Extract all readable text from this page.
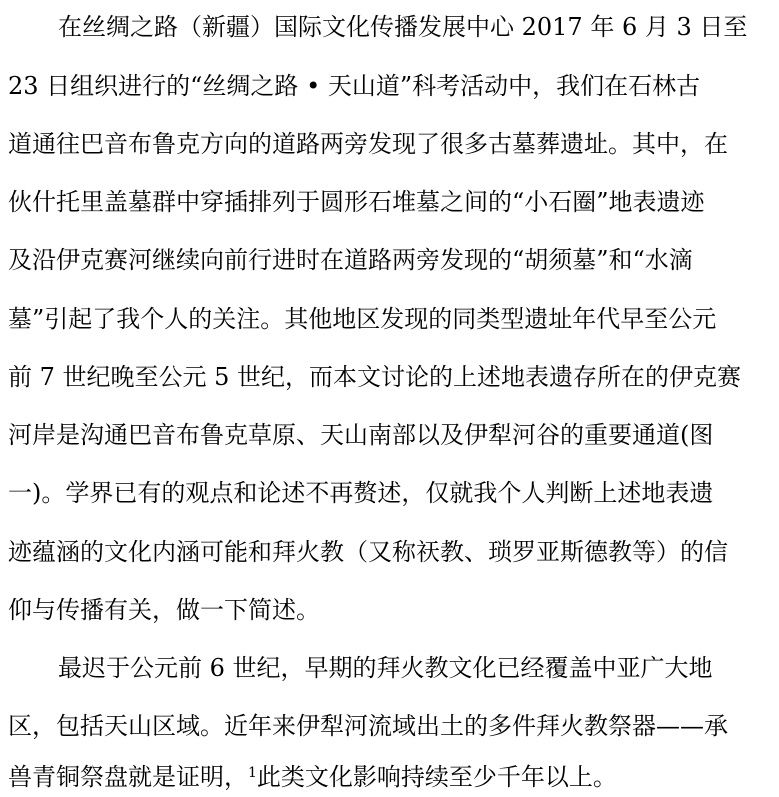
在丝绸之路（新疆）国际文化传播发展中心 2017 年 6 月 3 日至
23 日组织进行的“丝绸之路 • 天山道”科考活动中，我们在石林古
道通往巴音布鲁克方向的道路两旁发现了很多古墓葬遗址。其中，在
伙什托里盖墓群中穿插排列于圆形石堆墓之间的“小石圈”地表遗迹
及沿伊克赛河继续向前行进时在道路两旁发现的“胡须墓”和“水滴
墓”引起了我个人的关注。其他地区发现的同类型遗址年代早至公元
前 7 世纪晚至公元 5 世纪，而本文讨论的上述地表遗存所在的伊克赛
河岸是沟通巴音布鲁克草原、天山南部以及伊犁河谷的重要通道(图
一)。学界已有的观点和论述不再赘述，仅就我个人判断上述地表遗
迹蕴涵的文化内涵可能和拜火教（又称祆教、琐罗亚斯德教等）的信
仰与传播有关，做一下简述。
最迟于公元前 6 世纪，早期的拜火教文化已经覆盖中亚广大地
区，包括天山区域。近年来伊犁河流域出土的多件拜火教祭器——承
兽青铜祭盘就是证明，$^1$此类文化影响持续至少千年以上。
